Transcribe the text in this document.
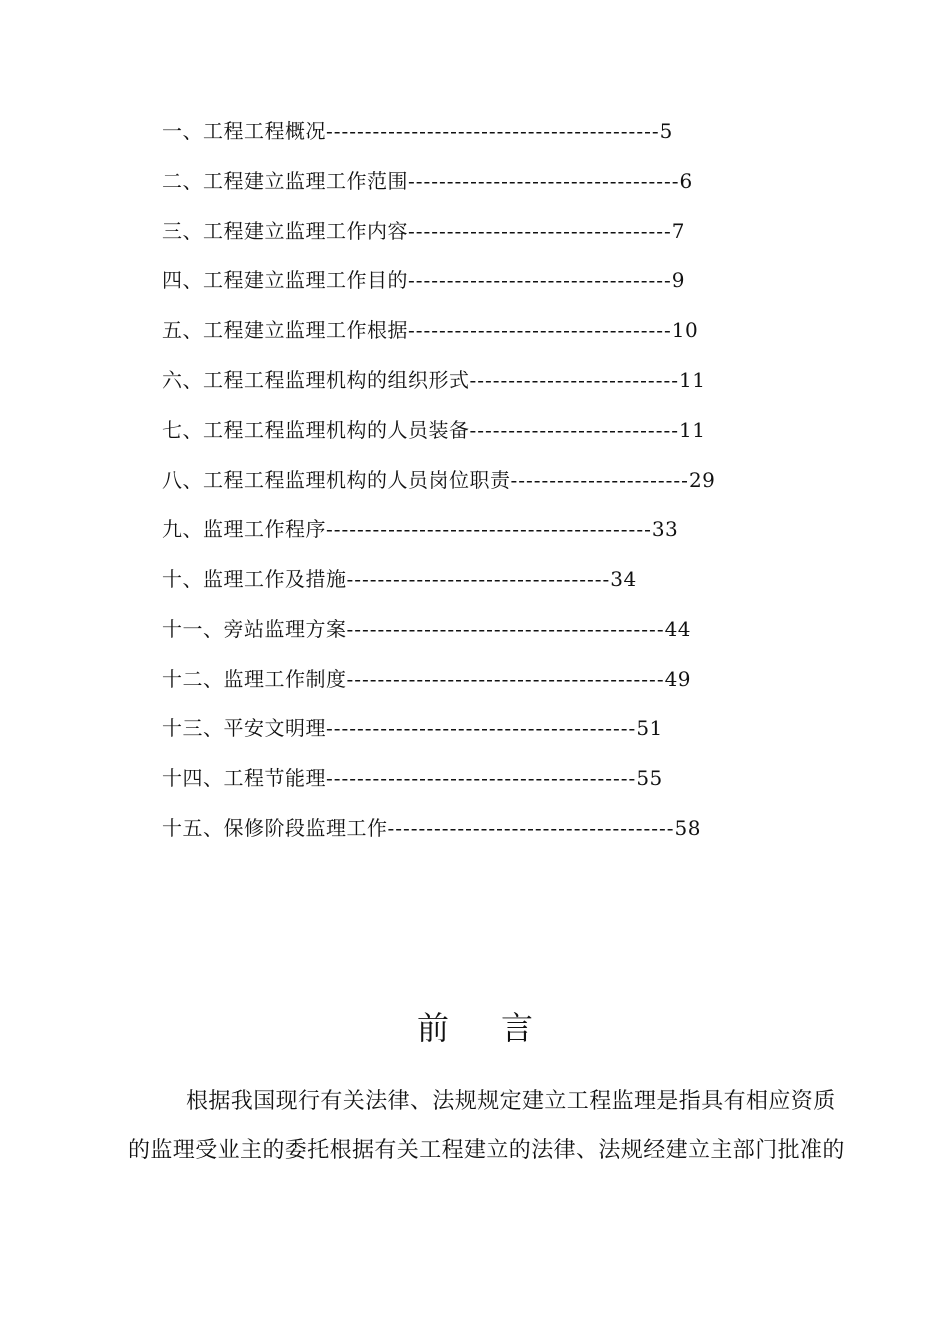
一、工程工程概况-------------------------------------------5
二、工程建立监理工作范围-----------------------------------6
三、工程建立监理工作内容----------------------------------7
四、工程建立监理工作目的----------------------------------9
五、工程建立监理工作根据----------------------------------10
六、工程工程监理机构的组织形式---------------------------11
七、工程工程监理机构的人员装备---------------------------11
八、工程工程监理机构的人员岗位职责-----------------------29
九、监理工作程序------------------------------------------33
十、监理工作及措施----------------------------------34
十一、旁站监理方案-----------------------------------------44
十二、监理工作制度-----------------------------------------49
十三、平安文明理----------------------------------------51
十四、工程节能理----------------------------------------55
十五、保修阶段监理工作-------------------------------------58
前言
根据我国现行有关法律、法规规定建立工程监理是指具有相应资质
的监理受业主的委托根据有关工程建立的法律、法规经建立主部门批准的
